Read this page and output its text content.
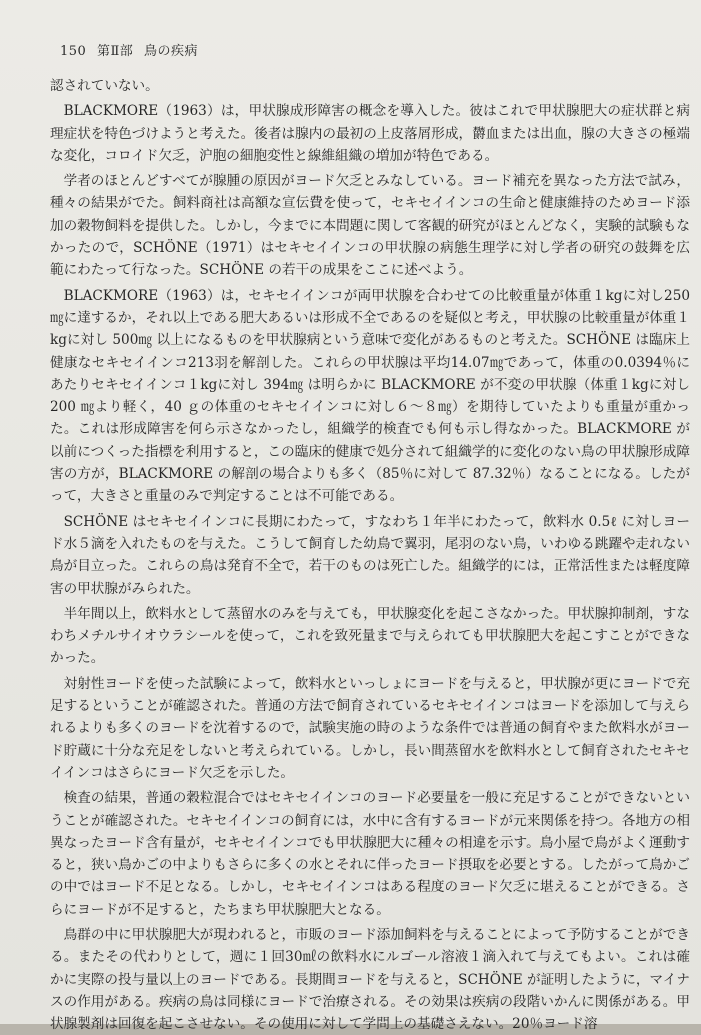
150 第Ⅱ部 鳥の疾病

認されていない。

BLACKMORE（1963）は，甲状腺成形障害の概念を導入した。彼はこれで甲状腺肥大の症状群と病理症状を特色づけようと考えた。後者は腺内の最初の上皮落屑形成，欝血または出血，腺の大きさの極端な変化，コロイド欠乏，沪胞の細胞変性と線維組織の増加が特色である。

学者のほとんどすべてが腺腫の原因がヨード欠乏とみなしている。ヨード補充を異なった方法で試み，種々の結果がでた。飼料商社は高額な宣伝費を使って，セキセイインコの生命と健康維持のためヨード添加の穀物飼料を提供した。しかし，今までに本問題に関して客観的研究がほとんどなく，実験的試験もなかったので，SCHÖNE（1971）はセキセイインコの甲状腺の病態生理学に対し学者の研究の鼓舞を広範にわたって行なった。SCHÖNE の若干の成果をここに述べよう。

BLACKMORE（1963）は，セキセイインコが両甲状腺を合わせての比較重量が体重１kgに対し250㎎に達するか，それ以上である肥大あるいは形成不全であるのを疑似と考え，甲状腺の比較重量が体重１kgに対し 500㎎ 以上になるものを甲状腺病という意味で変化があるものと考えた。SCHÖNE は臨床上健康なセキセイインコ213羽を解剖した。これらの甲状腺は平均14.07㎎であって，体重の0.0394％にあたりセキセイインコ１kgに対し 394㎎ は明らかに BLACKMORE が不変の甲状腺（体重１kgに対し 200 ㎎より軽く，40 ｇの体重のセキセイインコに対し６～８㎎）を期待していたよりも重量が重かった。これは形成障害を何ら示さなかったし，組織学的検査でも何も示し得なかった。BLACKMORE が以前につくった指標を利用すると，この臨床的健康で処分されて組織学的に変化のない鳥の甲状腺形成障害の方が，BLACKMORE の解剖の場合よりも多く（85％に対して 87.32％）なることになる。したがって，大きさと重量のみで判定することは不可能である。

SCHÖNE はセキセイインコに長期にわたって，すなわち１年半にわたって，飲料水 0.5ℓ に対しヨード水５滴を入れたものを与えた。こうして飼育した幼鳥で翼羽，尾羽のない鳥，いわゆる跳躍や走れない鳥が目立った。これらの鳥は発育不全で，若干のものは死亡した。組織学的には，正常活性または軽度障害の甲状腺がみられた。

半年間以上，飲料水として蒸留水のみを与えても，甲状腺変化を起こさなかった。甲状腺抑制剤，すなわちメチルサイオウラシールを使って，これを致死量まで与えられても甲状腺肥大を起こすことができなかった。

対射性ヨードを使った試験によって，飲料水といっしょにヨードを与えると，甲状腺が更にヨードで充足するということが確認された。普通の方法で飼育されているセキセイインコはヨードを添加して与えられるよりも多くのヨードを沈着するので，試験実施の時のような条件では普通の飼育やまた飲料水がヨード貯蔵に十分な充足をしないと考えられている。しかし，長い間蒸留水を飲料水として飼育されたセキセイインコはさらにヨード欠乏を示した。

検査の結果，普通の穀粒混合ではセキセイインコのヨード必要量を一般に充足することができないということが確認された。セキセイインコの飼育には，水中に含有するヨードが元来関係を持つ。各地方の相異なったヨード含有量が，セキセイインコでも甲状腺肥大に種々の相違を示す。鳥小屋で鳥がよく運動すると，狭い鳥かごの中よりもさらに多くの水とそれに伴ったヨード摂取を必要とする。したがって鳥かごの中ではヨード不足となる。しかし，セキセイインコはある程度のヨード欠乏に堪えることができる。さらにヨードが不足すると，たちまち甲状腺肥大となる。

鳥群の中に甲状腺肥大が現われると，市販のヨード添加飼料を与えることによって予防することができる。またその代わりとして，週に１回30㎖の飲料水にルゴール溶液１滴入れて与えてもよい。これは確かに実際の投与量以上のヨードである。長期間ヨードを与えると，SCHÖNE が証明したように，マイナスの作用がある。疾病の鳥は同様にヨードで治療される。その効果は疾病の段階いかんに関係がある。甲状腺製剤は回復を起こさせない。その使用に対して学問上の基礎さえない。20％ヨード溶
